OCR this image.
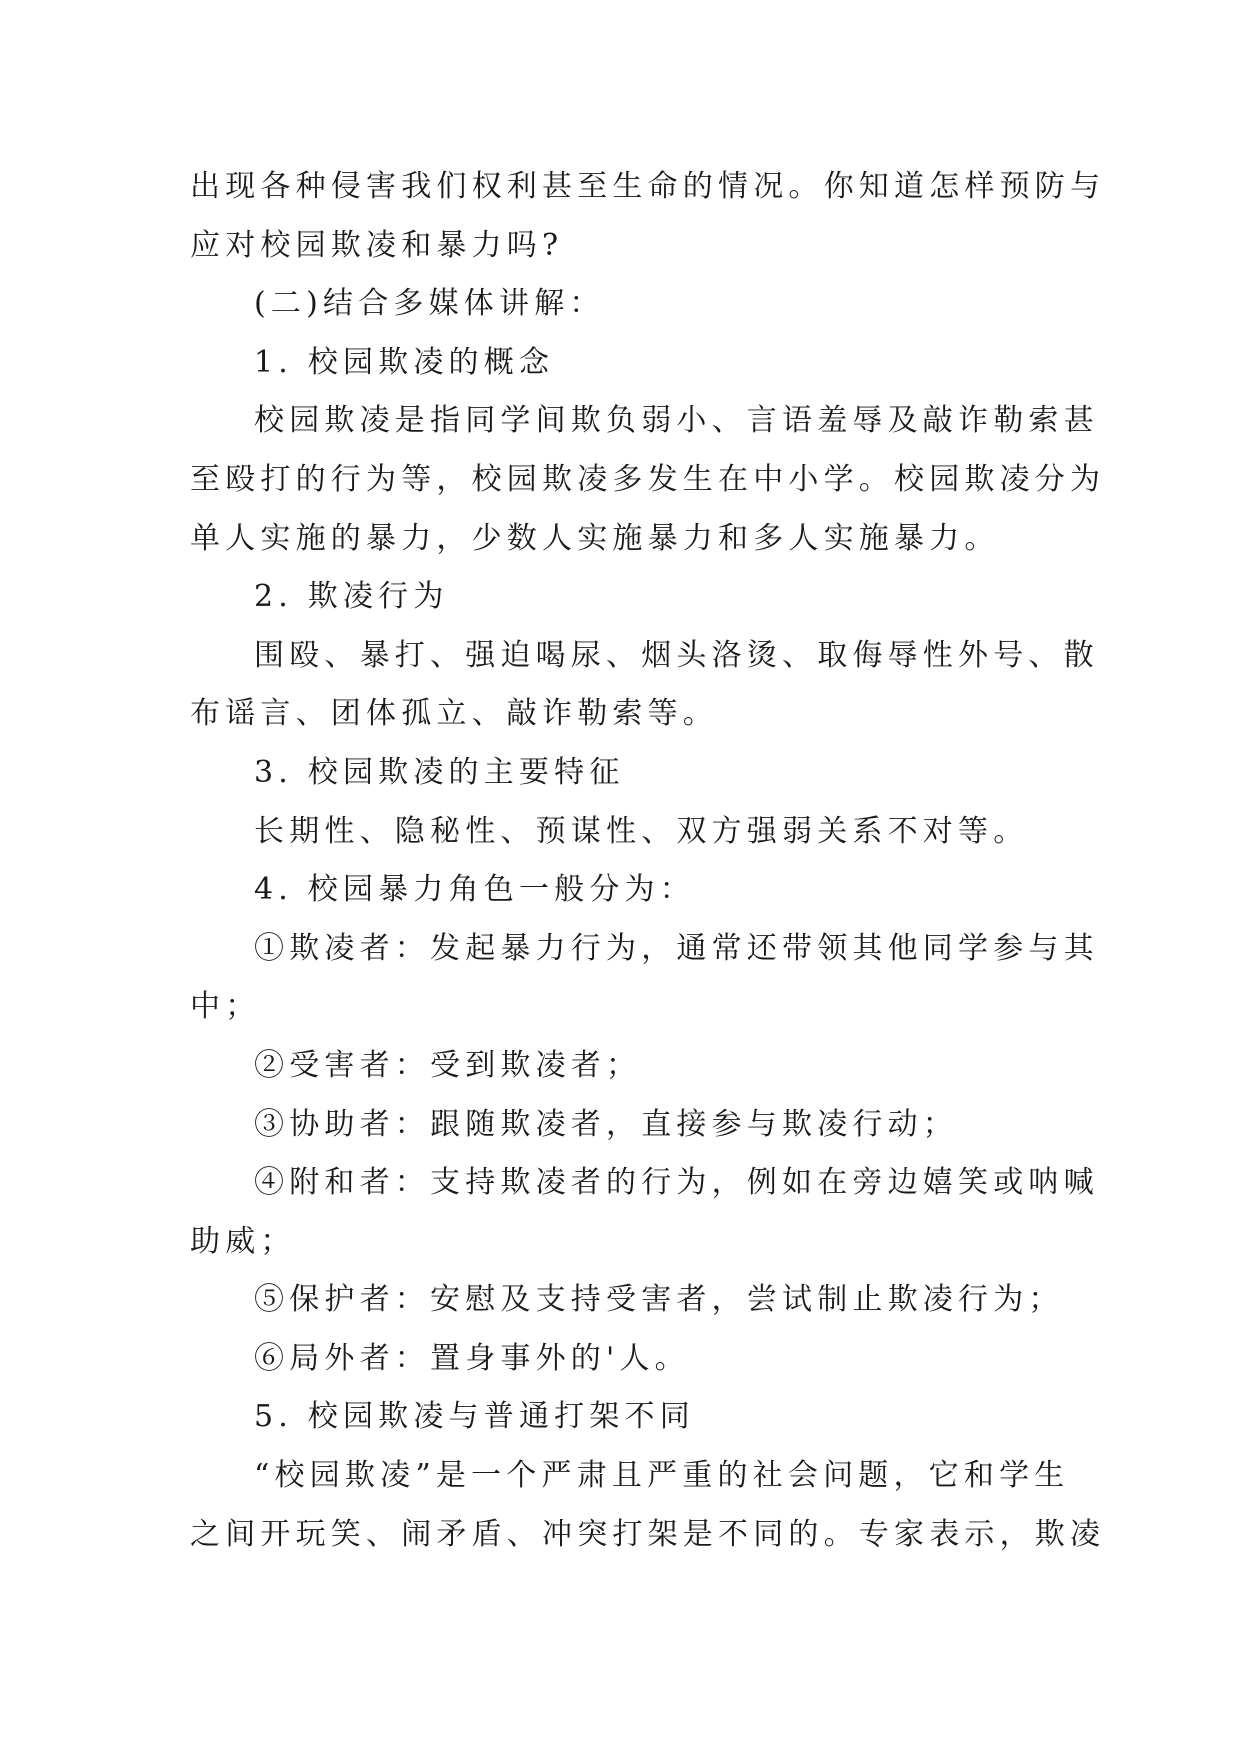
出现各种侵害我们权利甚至生命的情况。你知道怎样预防与
应对校园欺凌和暴力吗?
(二)结合多媒体讲解：
1. 校园欺凌的概念
校园欺凌是指同学间欺负弱小、言语羞辱及敲诈勒索甚
至殴打的行为等，校园欺凌多发生在中小学。校园欺凌分为
单人实施的暴力，少数人实施暴力和多人实施暴力。
2. 欺凌行为
围殴、暴打、强迫喝尿、烟头洛烫、取侮辱性外号、散
布谣言、团体孤立、敲诈勒索等。
3. 校园欺凌的主要特征
长期性、隐秘性、预谋性、双方强弱关系不对等。
4. 校园暴力角色一般分为：
①欺凌者：发起暴力行为，通常还带领其他同学参与其
中；
②受害者：受到欺凌者；
③协助者：跟随欺凌者，直接参与欺凌行动；
④附和者：支持欺凌者的行为，例如在旁边嬉笑或呐喊
助威；
⑤保护者：安慰及支持受害者，尝试制止欺凌行为；
⑥局外者：置身事外的'人。
5. 校园欺凌与普通打架不同
“校园欺凌”是一个严肃且严重的社会问题，它和学生
之间开玩笑、闹矛盾、冲突打架是不同的。专家表示，欺凌
